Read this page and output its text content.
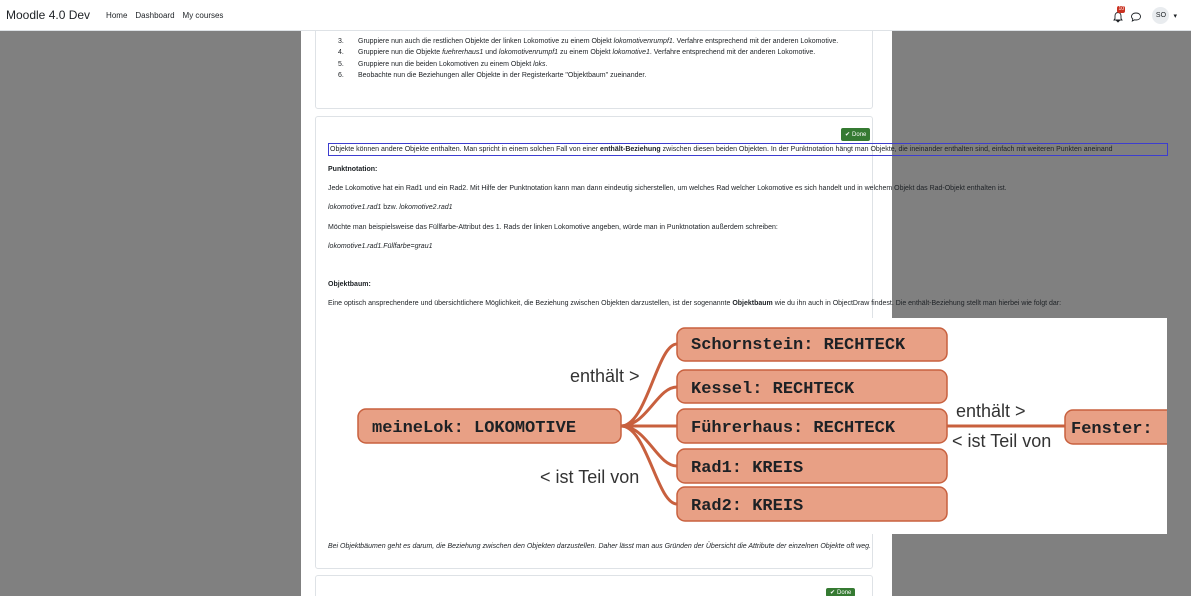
Moodle 4.0 Dev Home Dashboard My courses
10
SO	▾
3.	Gruppiere nun auch die restlichen Objekte der linken Lokomotive zu einem Objekt lokomotivenrumpf1. Verfahre entsprechend mit der anderen Lokomotive.
4.	Gruppiere nun die Objekte fuehrerhaus1 und lokomotivenrumpf1 zu einem Objekt lokomotive1. Verfahre entsprechend mit der anderen Lokomotive.
5.	Gruppiere nun die beiden Lokomotiven zu einem Objekt loks.
6.	Beobachte nun die Beziehungen aller Objekte in der Registerkarte "Objektbaum" zueinander.
✔ Done
✔ Done
Objekte können andere Objekte enthalten. Man spricht in einem solchen Fall von einer enthält-Beziehung zwischen diesen beiden Objekten. In der Punktnotation hängt man Objekte, die ineinander enthalten sind, einfach mit weiteren Punkten aneinand
Punktnotation:
Jede Lokomotive hat ein Rad1 und ein Rad2. Mit Hilfe der Punktnotation kann man dann eindeutig sicherstellen, um welches Rad welcher Lokomotive es sich handelt und in welchem Objekt das Rad-Objekt enthalten ist.
lokomotive1.rad1 bzw. lokomotive2.rad1
Möchte man beispielsweise das Füllfarbe-Attribut des 1. Rads der linken Lokomotive angeben, würde man in Punktnotation außerdem schreiben:
lokomotive1.rad1.Füllfarbe=grau1
Objektbaum:
Eine optisch ansprechendere und übersichtlichere Möglichkeit, die Beziehung zwischen Objekten darzustellen, ist der sogenannte Objektbaum wie du ihn auch in ObjectDraw findest. Die enthält-Beziehung stellt man hierbei wie folgt dar:
meineLok: LOKOMOTIVE
Schornstein: RECHTECK
Kessel: RECHTECK
Führerhaus: RECHTECK
Rad1: KREIS
Rad2: KREIS
Fenster:
enthält >
< ist Teil von
enthält >
< ist Teil von
Bei Objektbäumen geht es darum, die Beziehung zwischen den Objekten darzustellen. Daher lässt man aus Gründen der Übersicht die Attribute der einzelnen Objekte oft weg.
